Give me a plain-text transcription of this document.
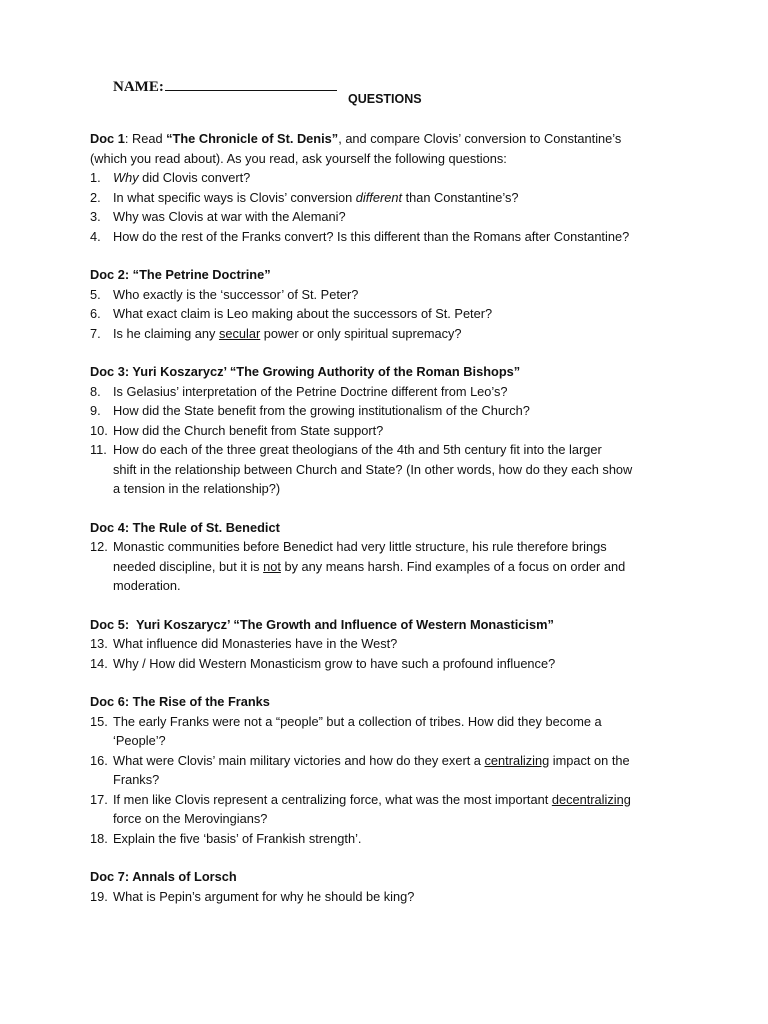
NAME:
QUESTIONS
Doc 1: Read “The Chronicle of St. Denis”, and compare Clovis’ conversion to Constantine’s
(which you read about). As you read, ask yourself the following questions:
1. Why did Clovis convert?
2. In what specific ways is Clovis’ conversion different than Constantine’s?
3. Why was Clovis at war with the Alemani?
4. How do the rest of the Franks convert? Is this different than the Romans after Constantine?
Doc 2: “The Petrine Doctrine”
5. Who exactly is the ‘successor’ of St. Peter?
6. What exact claim is Leo making about the successors of St. Peter?
7. Is he claiming any secular power or only spiritual supremacy?
Doc 3: Yuri Koszarycz’ “The Growing Authority of the Roman Bishops”
8. Is Gelasius’ interpretation of the Petrine Doctrine different from Leo’s?
9. How did the State benefit from the growing institutionalism of the Church?
10. How did the Church benefit from State support?
11. How do each of the three great theologians of the 4th and 5th century fit into the larger
shift in the relationship between Church and State? (In other words, how do they each show
a tension in the relationship?)
Doc 4: The Rule of St. Benedict
12. Monastic communities before Benedict had very little structure, his rule therefore brings
needed discipline, but it is not by any means harsh. Find examples of a focus on order and
moderation.
Doc 5:  Yuri Koszarycz’ “The Growth and Influence of Western Monasticism”
13. What influence did Monasteries have in the West?
14. Why / How did Western Monasticism grow to have such a profound influence?
Doc 6: The Rise of the Franks
15. The early Franks were not a “people” but a collection of tribes. How did they become a
‘People’?
16. What were Clovis’ main military victories and how do they exert a centralizing impact on the
Franks?
17. If men like Clovis represent a centralizing force, what was the most important decentralizing
force on the Merovingians?
18. Explain the five ‘basis’ of Frankish strength’.
Doc 7: Annals of Lorsch
19. What is Pepin’s argument for why he should be king?
